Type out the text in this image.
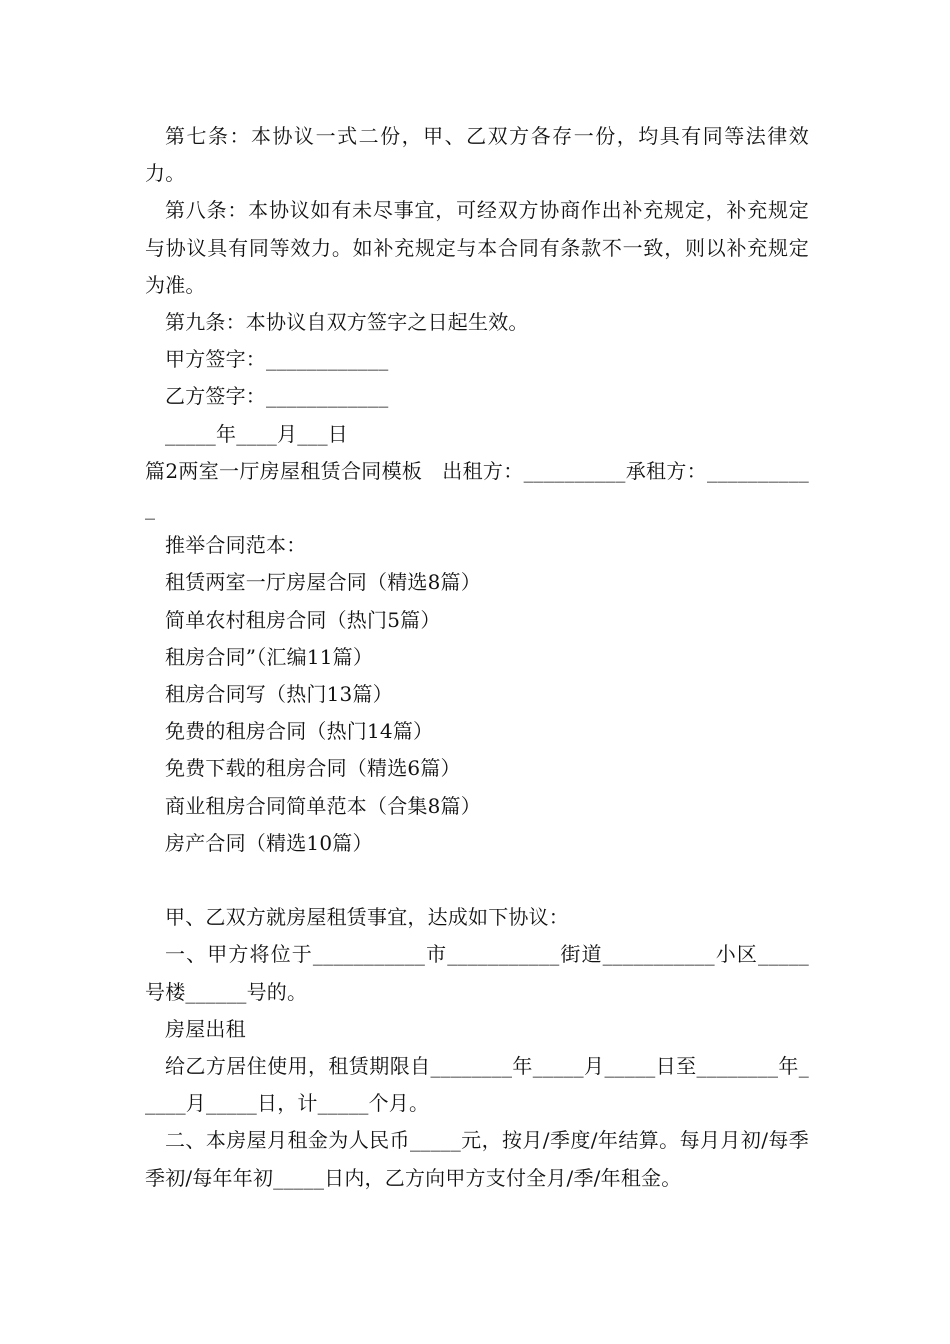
第七条：本协议一式二份，甲、乙双方各存一份，均具有同等法律效力。

第八条：本协议如有未尽事宜，可经双方协商作出补充规定，补充规定与协议具有同等效力。如补充规定与本合同有条款不一致，则以补充规定为准。

第九条：本协议自双方签字之日起生效。

甲方签字：____________

乙方签字：____________

_____年____月___日

篇2两室一厅房屋租赁合同模板   出租方：__________承租方：___________

推举合同范本：

租赁两室一厅房屋合同（精选8篇）

简单农村租房合同（热门5篇）

租房合同”（汇编11篇）

租房合同写（热门13篇）

免费的租房合同（热门14篇）

免费下载的租房合同（精选6篇）

商业租房合同简单范本（合集8篇）

房产合同（精选10篇）

甲、乙双方就房屋租赁事宜，达成如下协议：

一、甲方将位于___________市___________街道___________小区_____号楼______号的。

房屋出租

给乙方居住使用，租赁期限自________年_____月_____日至________年_____月_____日，计_____个月。

二、本房屋月租金为人民币_____元，按月/季度/年结算。每月月初/每季季初/每年年初_____日内，乙方向甲方支付全月/季/年租金。
